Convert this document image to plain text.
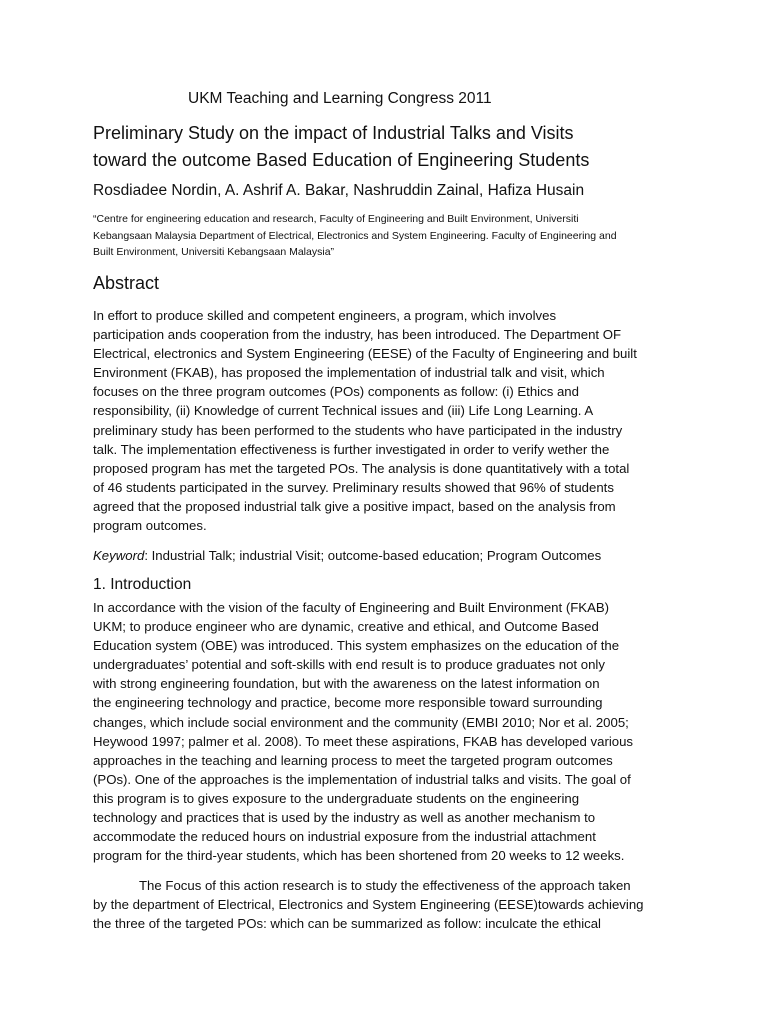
UKM Teaching and Learning Congress 2011
Preliminary Study on the impact of Industrial Talks and Visits
toward the outcome Based Education of Engineering Students

Rosdiadee Nordin, A. Ashrif A. Bakar, Nashruddin Zainal, Hafiza Husain

“Centre for engineering education and research, Faculty of Engineering and Built Environment, Universiti
Kebangsaan Malaysia Department of Electrical, Electronics and System Engineering. Faculty of Engineering and
Built Environment, Universiti Kebangsaan Malaysia”

Abstract

In effort to produce skilled and competent engineers, a program, which involves
participation ands cooperation from the industry, has been introduced. The Department OF
Electrical, electronics and System Engineering (EESE) of the Faculty of Engineering and built
Environment (FKAB), has proposed the implementation of industrial talk and visit, which
focuses on the three program outcomes (POs) components as follow: (i) Ethics and
responsibility, (ii) Knowledge of current Technical issues and (iii) Life Long Learning. A
preliminary study has been performed to the students who have participated in the industry
talk. The implementation effectiveness is further investigated in order to verify wether the
proposed program has met the targeted POs. The analysis is done quantitatively with a total
of 46 students participated in the survey. Preliminary results showed that 96% of students
agreed that the proposed industrial talk give a positive impact, based on the analysis from
program outcomes.

Keyword: Industrial Talk; industrial Visit; outcome-based education; Program Outcomes

1. Introduction

In accordance with the vision of the faculty of Engineering and Built Environment (FKAB)
UKM; to produce engineer who are dynamic, creative and ethical, and Outcome Based
Education system (OBE) was introduced. This system emphasizes on the education of the
undergraduates’ potential and soft-skills with end result is to produce graduates not only
with strong engineering foundation, but with the awareness on the latest information on
the engineering technology and practice, become more responsible toward surrounding
changes, which include social environment and the community (EMBI 2010; Nor et al. 2005;
Heywood 1997; palmer et al. 2008). To meet these aspirations, FKAB has developed various
approaches in the teaching and learning process to meet the targeted program outcomes
(POs). One of the approaches is the implementation of industrial talks and visits. The goal of
this program is to gives exposure to the undergraduate students on the engineering
technology and practices that is used by the industry as well as another mechanism to
accommodate the reduced hours on industrial exposure from the industrial attachment
program for the third-year students, which has been shortened from 20 weeks to 12 weeks.

The Focus of this action research is to study the effectiveness of the approach taken
by the department of Electrical, Electronics and System Engineering (EESE)towards achieving
the three of the targeted POs: which can be summarized as follow: inculcate the ethical
